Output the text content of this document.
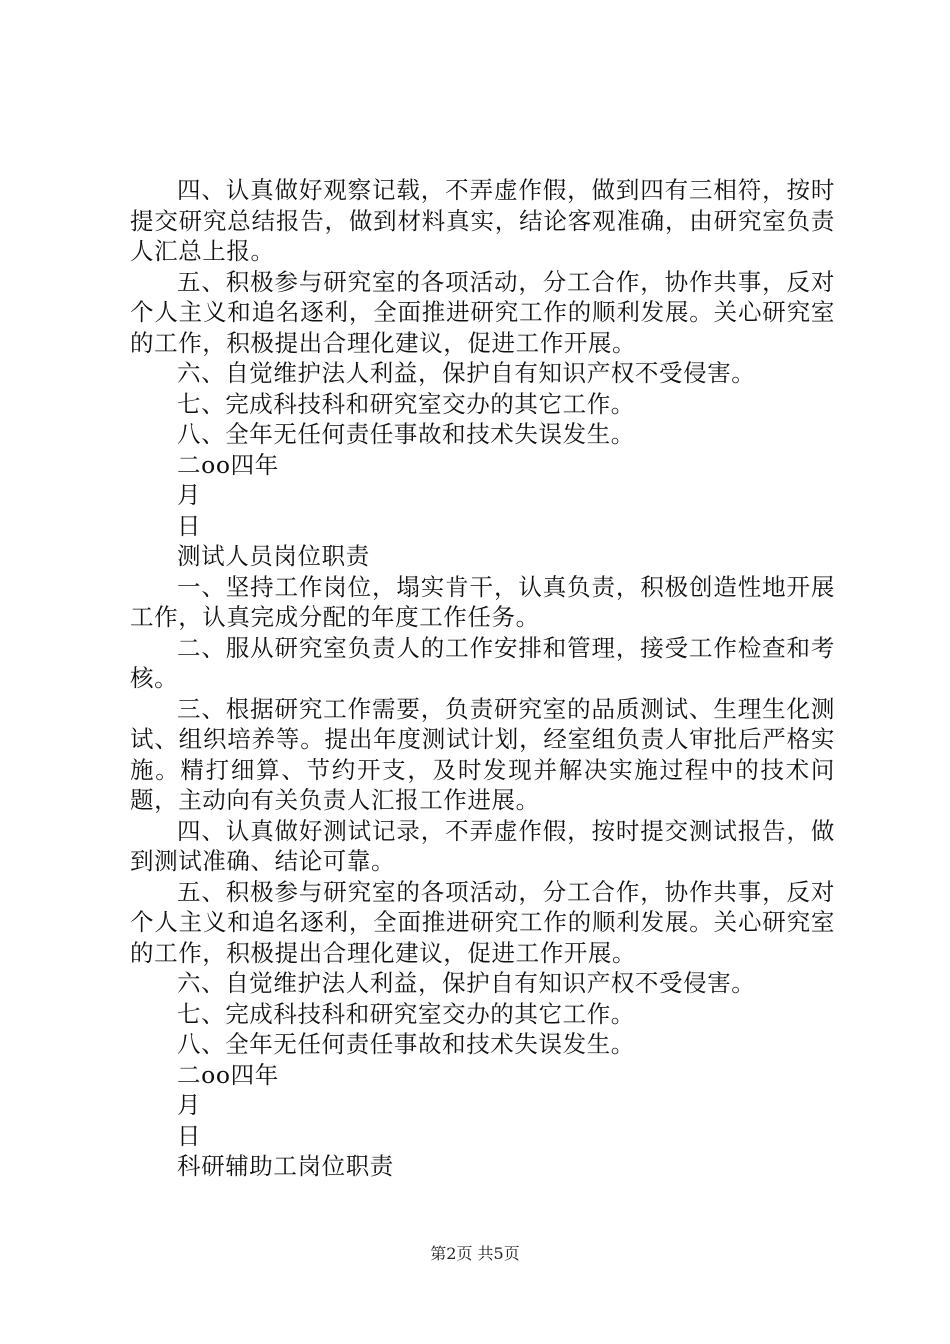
四、认真做好观察记载，不弄虚作假，做到四有三相符，按时提交研究总结报告，做到材料真实，结论客观准确，由研究室负责人汇总上报。

五、积极参与研究室的各项活动，分工合作，协作共事，反对个人主义和追名逐利，全面推进研究工作的顺利发展。关心研究室的工作，积极提出合理化建议，促进工作开展。

六、自觉维护法人利益，保护自有知识产权不受侵害。

七、完成科技科和研究室交办的其它工作。

八、全年无任何责任事故和技术失误发生。

二oo四年

月

日

测试人员岗位职责

一、坚持工作岗位，塌实肯干，认真负责，积极创造性地开展工作，认真完成分配的年度工作任务。

二、服从研究室负责人的工作安排和管理，接受工作检查和考核。

三、根据研究工作需要，负责研究室的品质测试、生理生化测试、组织培养等。提出年度测试计划，经室组负责人审批后严格实施。精打细算、节约开支，及时发现并解决实施过程中的技术问题，主动向有关负责人汇报工作进展。

四、认真做好测试记录，不弄虚作假，按时提交测试报告，做到测试准确、结论可靠。

五、积极参与研究室的各项活动，分工合作，协作共事，反对个人主义和追名逐利，全面推进研究工作的顺利发展。关心研究室的工作，积极提出合理化建议，促进工作开展。

六、自觉维护法人利益，保护自有知识产权不受侵害。

七、完成科技科和研究室交办的其它工作。

八、全年无任何责任事故和技术失误发生。

二oo四年

月

日

科研辅助工岗位职责

第2页 共5页
